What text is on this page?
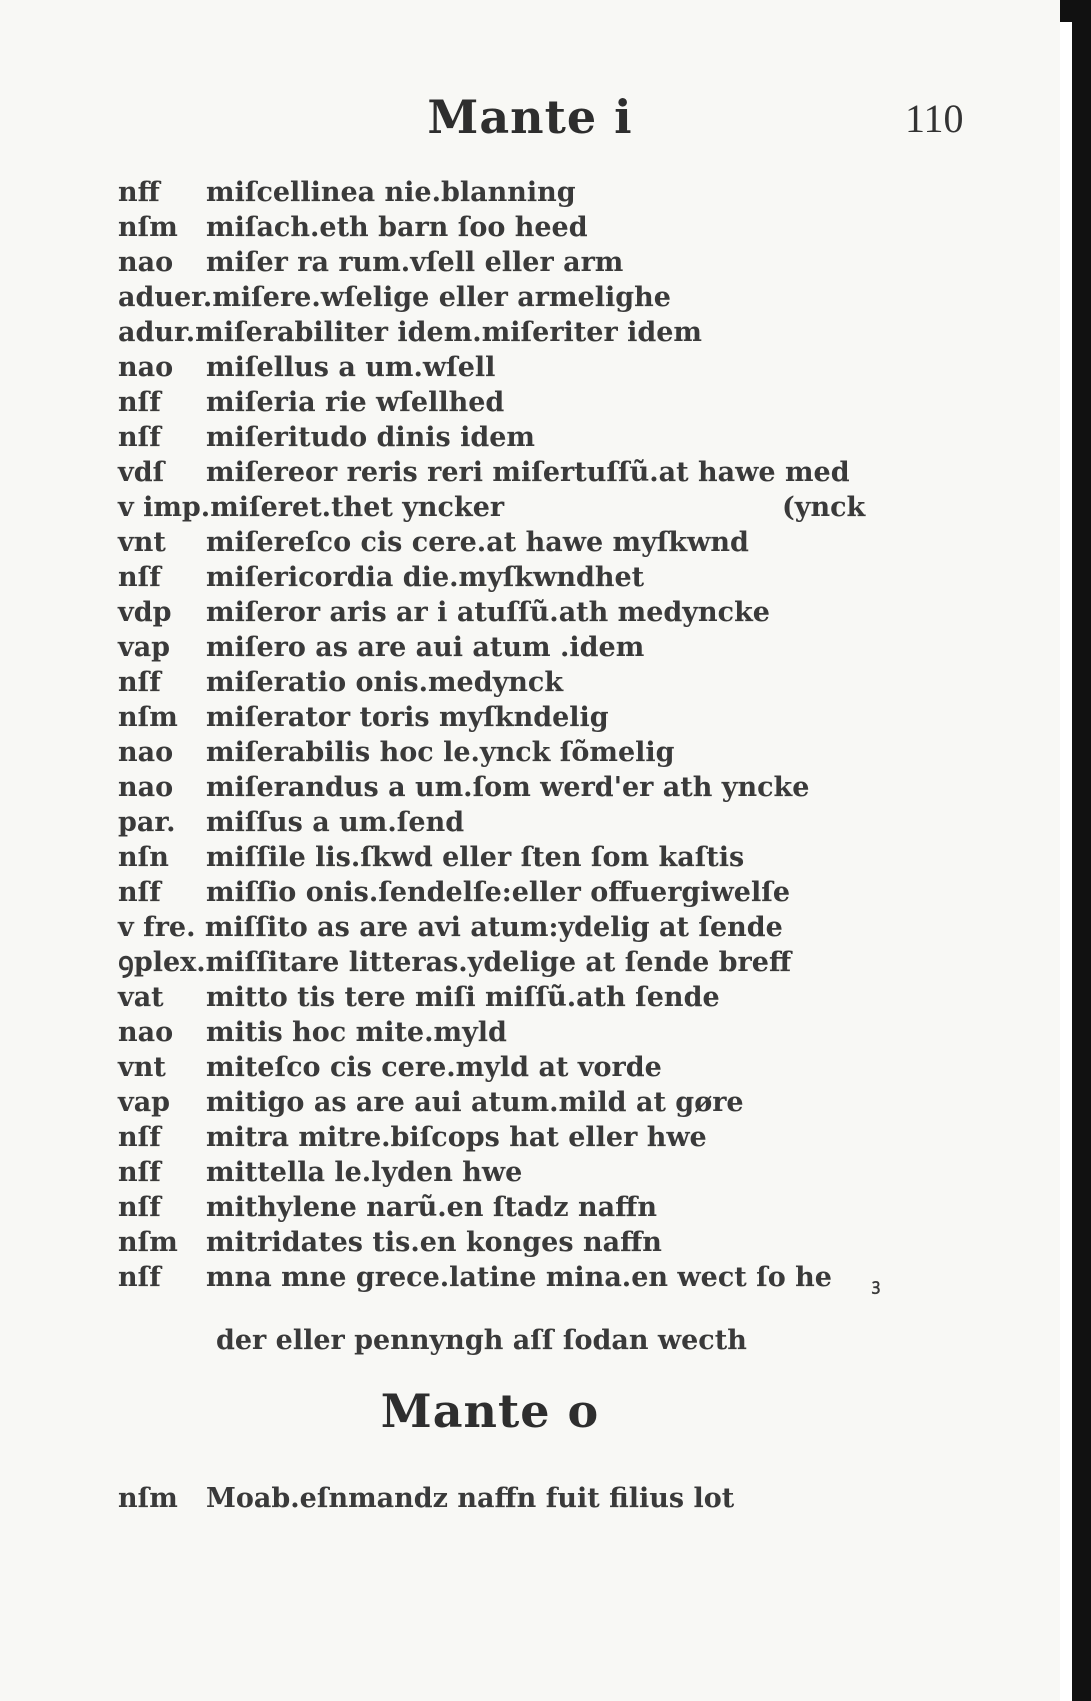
Mante i	110
nff miſcellinea nie.blanning
nſm miſach.eth barn ſoo heed
nao miſer ra rum.vſell eller arm
aduer.miſere.wſelige eller armelighe
adur.miſerabiliter idem.miſeriter idem
nao miſellus a um.wſell
nſf miſeria rie wſellhed
nſf miſeritudo dinis idem
vdſ miſereor reris reri miſertuſſũ.at hawe med
v imp.miſeret.thet yncker	(ynck
vnt miſereſco cis cere.at hawe myſkwnd
nſf miſericordia die.myſkwndhet
vdp miſeror aris ar i atuſſũ.ath medyncke
vap miſero as are aui atum .idem
nſf miſeratio onis.medynck
nſm miſerator toris myſkndelig
nao miſerabilis hoc le.ynck ſõmelig
nao miſerandus a um.ſom werd'er ath yncke
par. miſſus a um.ſend
nſn miſſile lis.ſkwd eller ſten ſom kaſtis
nſf miſſio onis.ſendelſe:eller offuergiwelſe
v fre. miſſito as are avi atum:ydelig at ſende
ꝯplex.miſſitare litteras.ydelige at ſende breff
vat mitto tis tere miſi miſſũ.ath ſende
nao mitis hoc mite.myld
vnt miteſco cis cere.myld at vorde
vap mitigo as are aui atum.mild at gøre
nſf mitra mitre.biſcops hat eller hwe
nſf mittella le.lyden hwe
nſf mithylene narũ.en ſtadz naffn
nſm mitridates tis.en konges naffn
nſf mna mne grece.latine mina.en wect ſo he	ꝫ
der eller pennyngh aſſ ſodan wecth
Mante o
nſm Moab.eſnmandz naffn fuit filius lot
